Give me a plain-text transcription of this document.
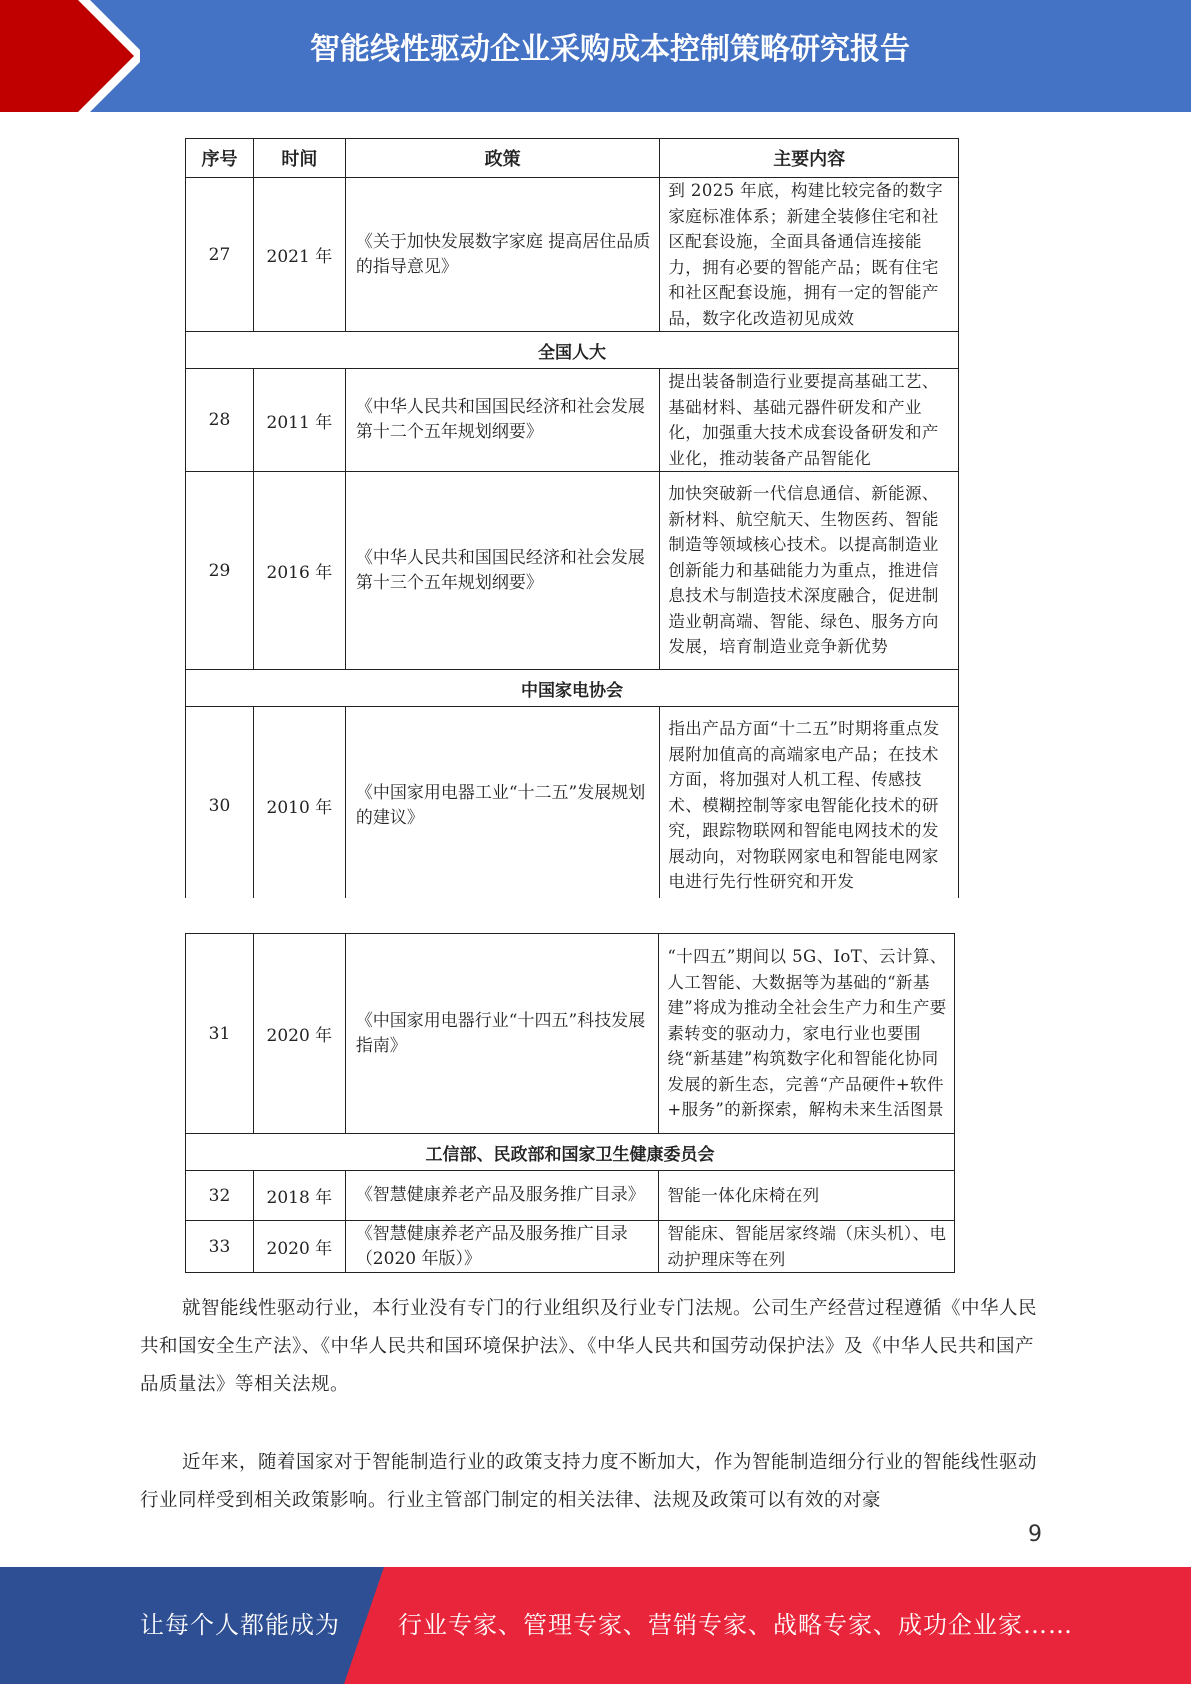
智能线性驱动企业采购成本控制策略研究报告
序号	时间	政策	主要内容
27	2021 年	《关于加快发展数字家庭 提高居住品质的指导意见》	到 2025 年底，构建比较完备的数字家庭标准体系；新建全装修住宅和社区配套设施，全面具备通信连接能力，拥有必要的智能产品；既有住宅和社区配套设施，拥有一定的智能产品，数字化改造初见成效
全国人大			
28	2011 年	《中华人民共和国国民经济和社会发展第十二个五年规划纲要》	提出装备制造行业要提高基础工艺、基础材料、基础元器件研发和产业化，加强重大技术成套设备研发和产业化，推动装备产品智能化
29	2016 年	《中华人民共和国国民经济和社会发展第十三个五年规划纲要》	加快突破新一代信息通信、新能源、新材料、航空航天、生物医药、智能制造等领域核心技术。以提高制造业创新能力和基础能力为重点，推进信息技术与制造技术深度融合，促进制造业朝高端、智能、绿色、服务方向发展，培育制造业竞争新优势
中国家电协会			
30	2010 年	《中国家用电器工业“十二五”发展规划的建议》	指出产品方面“十二五”时期将重点发展附加值高的高端家电产品；在技术方面，将加强对人机工程、传感技术、模糊控制等家电智能化技术的研究，跟踪物联网和智能电网技术的发展动向，对物联网家电和智能电网家电进行先行性研究和开发
31	2020 年	《中国家用电器行业“十四五”科技发展指南》	“十四五”期间以 5G、IoT、云计算、人工智能、大数据等为基础的“新基建”将成为推动全社会生产力和生产要素转变的驱动力，家电行业也要围绕“新基建”构筑数字化和智能化协同发展的新生态，完善“产品硬件+软件+服务”的新探索，解构未来生活图景
工信部、民政部和国家卫生健康委员会			
32	2018 年	《智慧健康养老产品及服务推广目录》	智能一体化床椅在列
33	2020 年	《智慧健康养老产品及服务推广目录（2020 年版）》	智能床、智能居家终端（床头机）、电动护理床等在列

就智能线性驱动行业，本行业没有专门的行业组织及行业专门法规。公司生产经营过程遵循《中华人民共和国安全生产法》、《中华人民共和国环境保护法》、《中华人民共和国劳动保护法》及《中华人民共和国产品质量法》等相关法规。

近年来，随着国家对于智能制造行业的政策支持力度不断加大，作为智能制造细分行业的智能线性驱动行业同样受到相关政策影响。行业主管部门制定的相关法律、法规及政策可以有效的对豪

9
让每个人都能成为 行业专家、管理专家、营销专家、战略专家、成功企业家……
